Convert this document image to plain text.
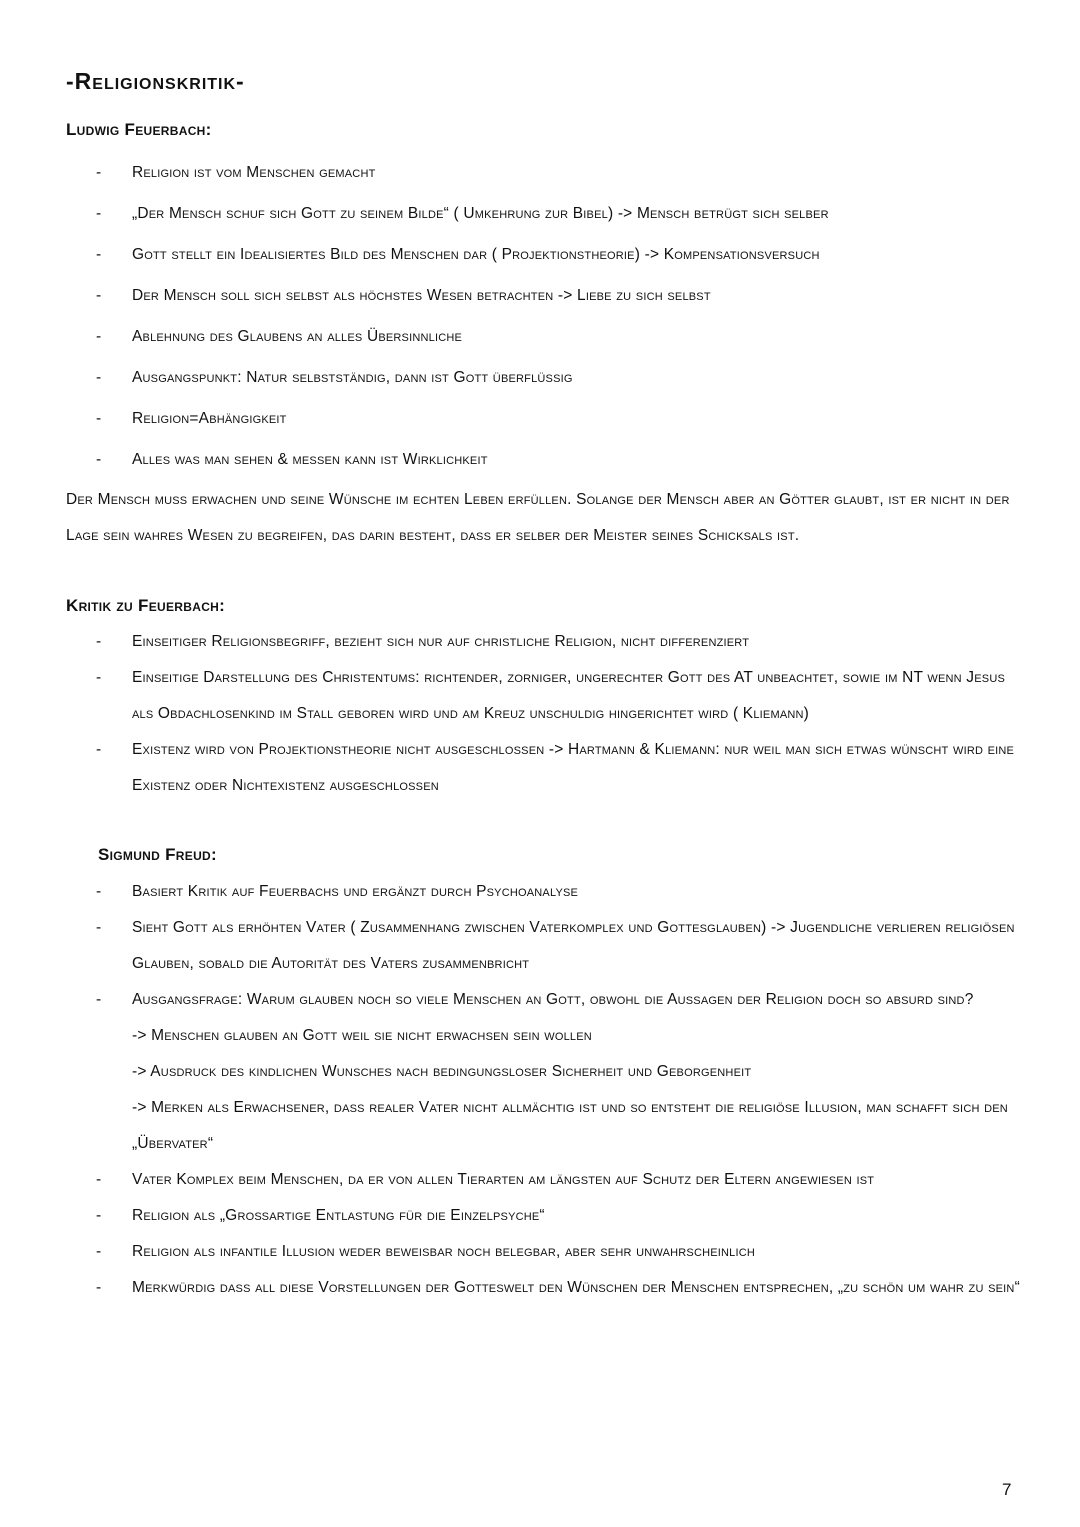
-Religionskritik-
Ludwig Feuerbach:
-	Religion ist vom Menschen gemacht
-	„Der Mensch schuf sich Gott zu seinem Bilde“ ( Umkehrung zur Bibel) -> Mensch betrügt sich selber
-	Gott stellt ein Idealisiertes Bild des Menschen dar ( Projektionstheorie) -> Kompensationsversuch
-	Der Mensch soll sich selbst als höchstes Wesen betrachten -> Liebe zu sich selbst
-	Ablehnung des Glaubens an alles Übersinnliche
-	Ausgangspunkt: Natur selbstständig, dann ist Gott überflüssig
-	Religion=Abhängigkeit
-	Alles was man sehen & messen kann ist Wirklichkeit
Der Mensch muss erwachen und seine Wünsche im echten Leben erfüllen. Solange der Mensch aber an Götter glaubt, ist er nicht in der Lage sein wahres Wesen zu begreifen, das darin besteht, dass er selber der Meister seines Schicksals ist.
Kritik zu Feuerbach:
-	Einseitiger Religionsbegriff, bezieht sich nur auf christliche Religion, nicht differenziert
-	Einseitige Darstellung des Christentums: richtender, zorniger, ungerechter Gott des AT unbeachtet, sowie im NT wenn Jesus als Obdachlosenkind im Stall geboren wird und am Kreuz unschuldig hingerichtet wird ( Kliemann)
-	Existenz wird von Projektionstheorie nicht ausgeschlossen -> Hartmann & Kliemann: nur weil man sich etwas wünscht wird eine Existenz oder Nichtexistenz ausgeschlossen
Sigmund Freud:
-	Basiert Kritik auf Feuerbachs und ergänzt durch Psychoanalyse
-	Sieht Gott als erhöhten Vater ( Zusammenhang zwischen Vaterkomplex und Gottesglauben) -> Jugendliche verlieren religiösen Glauben, sobald die Autorität des Vaters zusammenbricht
-	Ausgangsfrage: Warum glauben noch so viele Menschen an Gott, obwohl die Aussagen der Religion doch so absurd sind?
-> Menschen glauben an Gott weil sie nicht erwachsen sein wollen
-> Ausdruck des kindlichen Wunsches nach bedingungsloser Sicherheit und Geborgenheit
-> Merken als Erwachsener, dass realer Vater nicht allmächtig ist und so entsteht die religiöse Illusion, man schafft sich den „Übervater“
-	Vater Komplex beim Menschen, da er von allen Tierarten am längsten auf Schutz der Eltern angewiesen ist
-	Religion als „Großartige Entlastung für die Einzelpsyche“
-	Religion als infantile Illusion weder beweisbar noch belegbar, aber sehr unwahrscheinlich
-	Merkwürdig dass all diese Vorstellungen der Gotteswelt den Wünschen der Menschen entsprechen, „zu schön um wahr zu sein“
7
